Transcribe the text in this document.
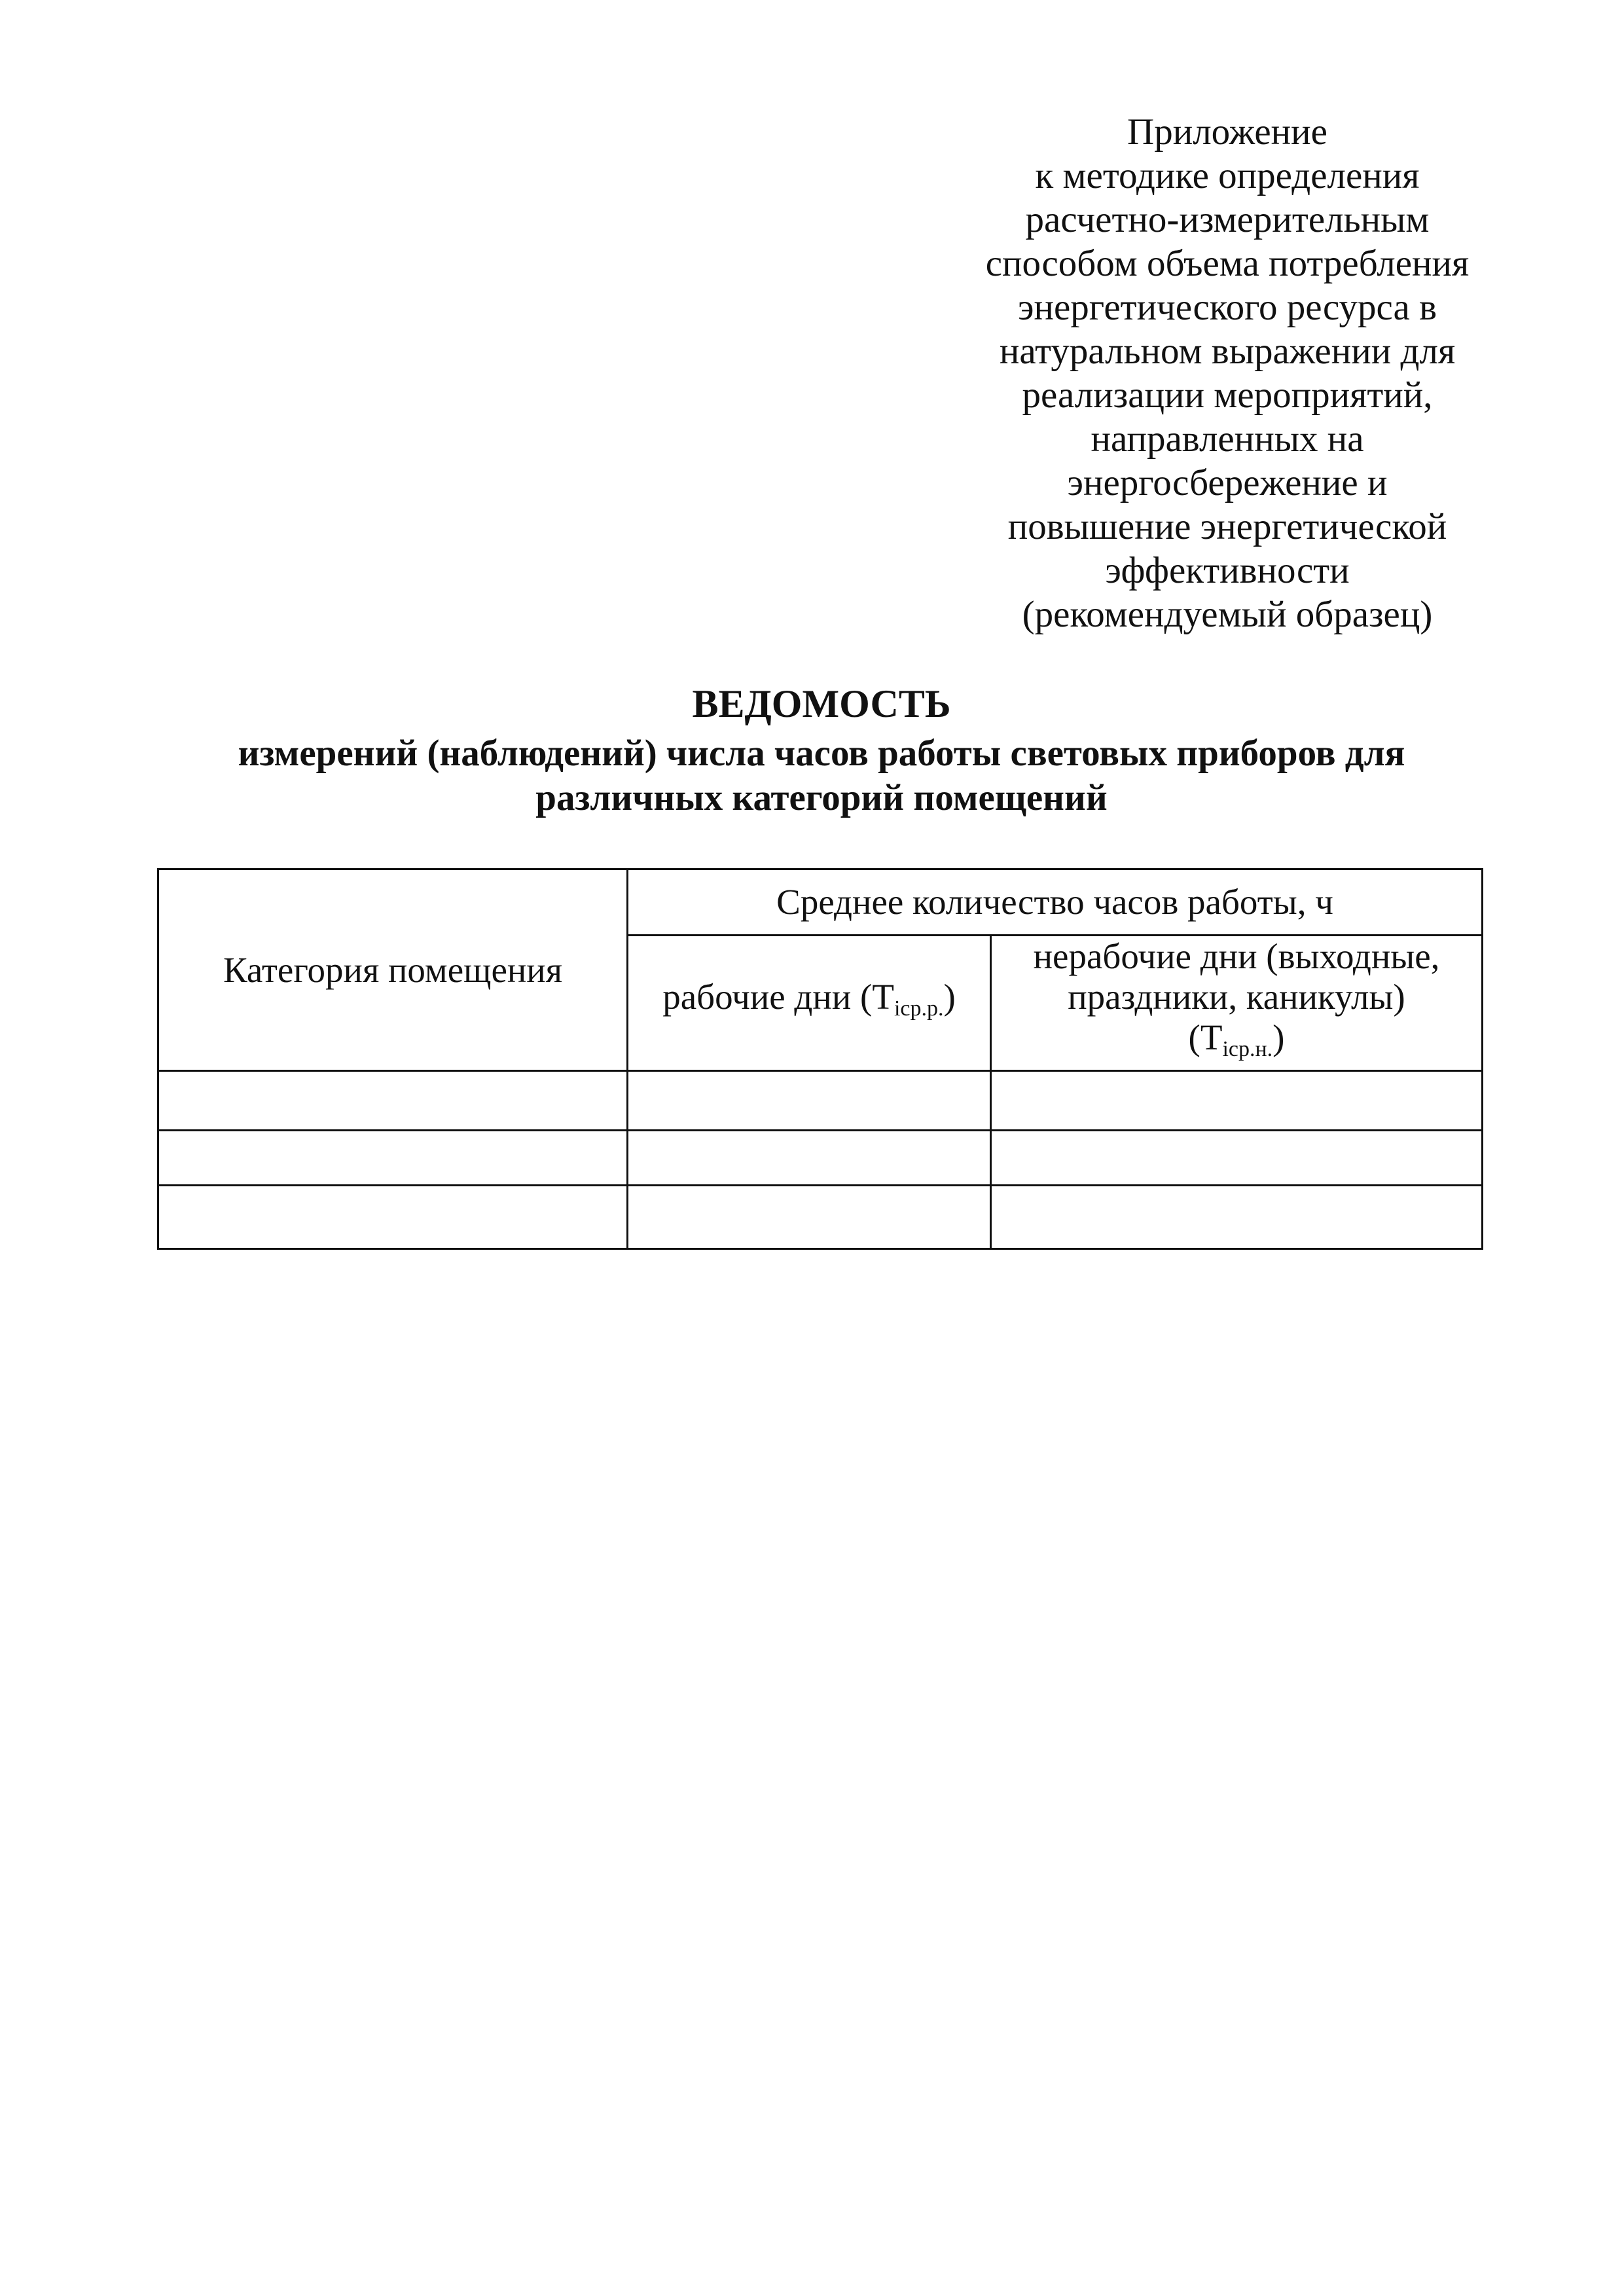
Приложение
к методике определения
расчетно-измерительным
способом объема потребления
энергетического ресурса в
натуральном выражении для
реализации мероприятий,
направленных на
энергосбережение и
повышение энергетической
эффективности
(рекомендуемый образец)
ВЕДОМОСТЬ
измерений (наблюдений) числа часов работы световых приборов для
различных категорий помещений
Категория помещения	Среднее количество часов работы, ч	
	рабочие дни $(T_{iср.р.})$	нерабочие дни (выходные,
праздники, каникулы)
$(T_{iср.н.})$
